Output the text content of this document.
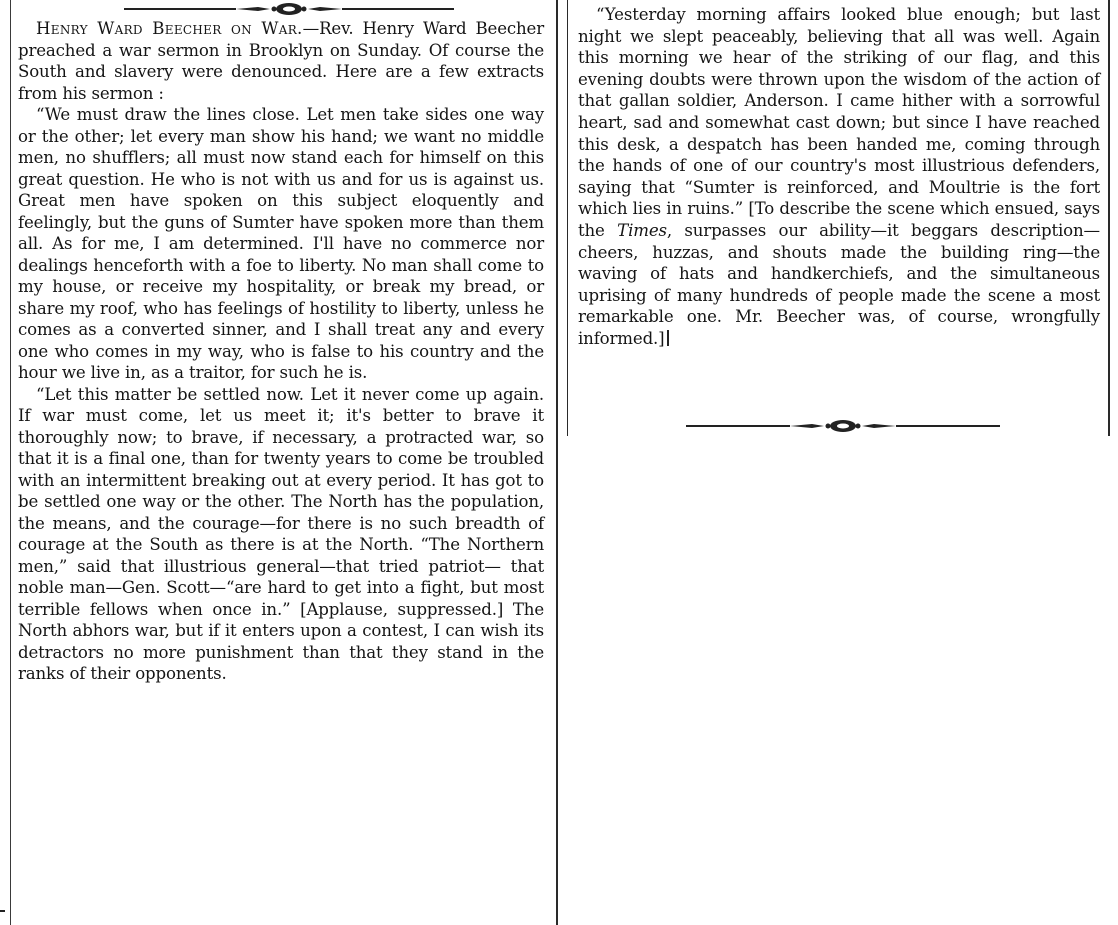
Henry Ward Beecher on War.—Rev. Henry Ward Beecher preached a war sermon in Brooklyn on Sunday. Of course the South and slavery were denounced. Here are a few extracts from his sermon :

“We must draw the lines close. Let men take sides one way or the other; let every man show his hand; we want no middle men, no shufflers; all must now stand each for himself on this great question. He who is not with us and for us is against us. Great men have spoken on this subject eloquently and feelingly, but the guns of Sumter have spoken more than them all. As for me, I am determined. I'll have no commerce nor dealings henceforth with a foe to liberty. No man shall come to my house, or receive my hospitality, or break my bread, or share my roof, who has feelings of hostility to liberty, unless he comes as a converted sinner, and I shall treat any and every one who comes in my way, who is false to his country and the hour we live in, as a traitor, for such he is.

“Let this matter be settled now. Let it never come up again. If war must come, let us meet it; it's better to brave it thoroughly now; to brave, if necessary, a protracted war, so that it is a final one, than for twenty years to come be troubled with an intermittent breaking out at every period. It has got to be settled one way or the other. The North has the population, the means, and the courage—for there is no such breadth of courage at the South as there is at the North. “The Northern men,” said that illustrious general—that tried patriot— that noble man—Gen. Scott—“are hard to get into a fight, but most terrible fellows when once in.” [Applause, suppressed.] The North abhors war, but if it enters upon a contest, I can wish its detractors no more punishment than that they stand in the ranks of their opponents.

“Yesterday morning affairs looked blue enough; but last night we slept peaceably, believing that all was well. Again this morning we hear of the striking of our flag, and this evening doubts were thrown upon the wisdom of the action of that gallan soldier, Anderson. I came hither with a sorrowful heart, sad and somewhat cast down; but since I have reached this desk, a despatch has been handed me, coming through the hands of one of our country's most illustrious defenders, saying that “Sumter is reinforced, and Moultrie is the fort which lies in ruins.” [To describe the scene which ensued, says the Times, surpasses our ability—it beggars description—cheers, huzzas, and shouts made the building ring—the waving of hats and handkerchiefs, and the simultaneous uprising of many hundreds of people made the scene a most remarkable one. Mr. Beecher was, of course, wrongfully informed.]
